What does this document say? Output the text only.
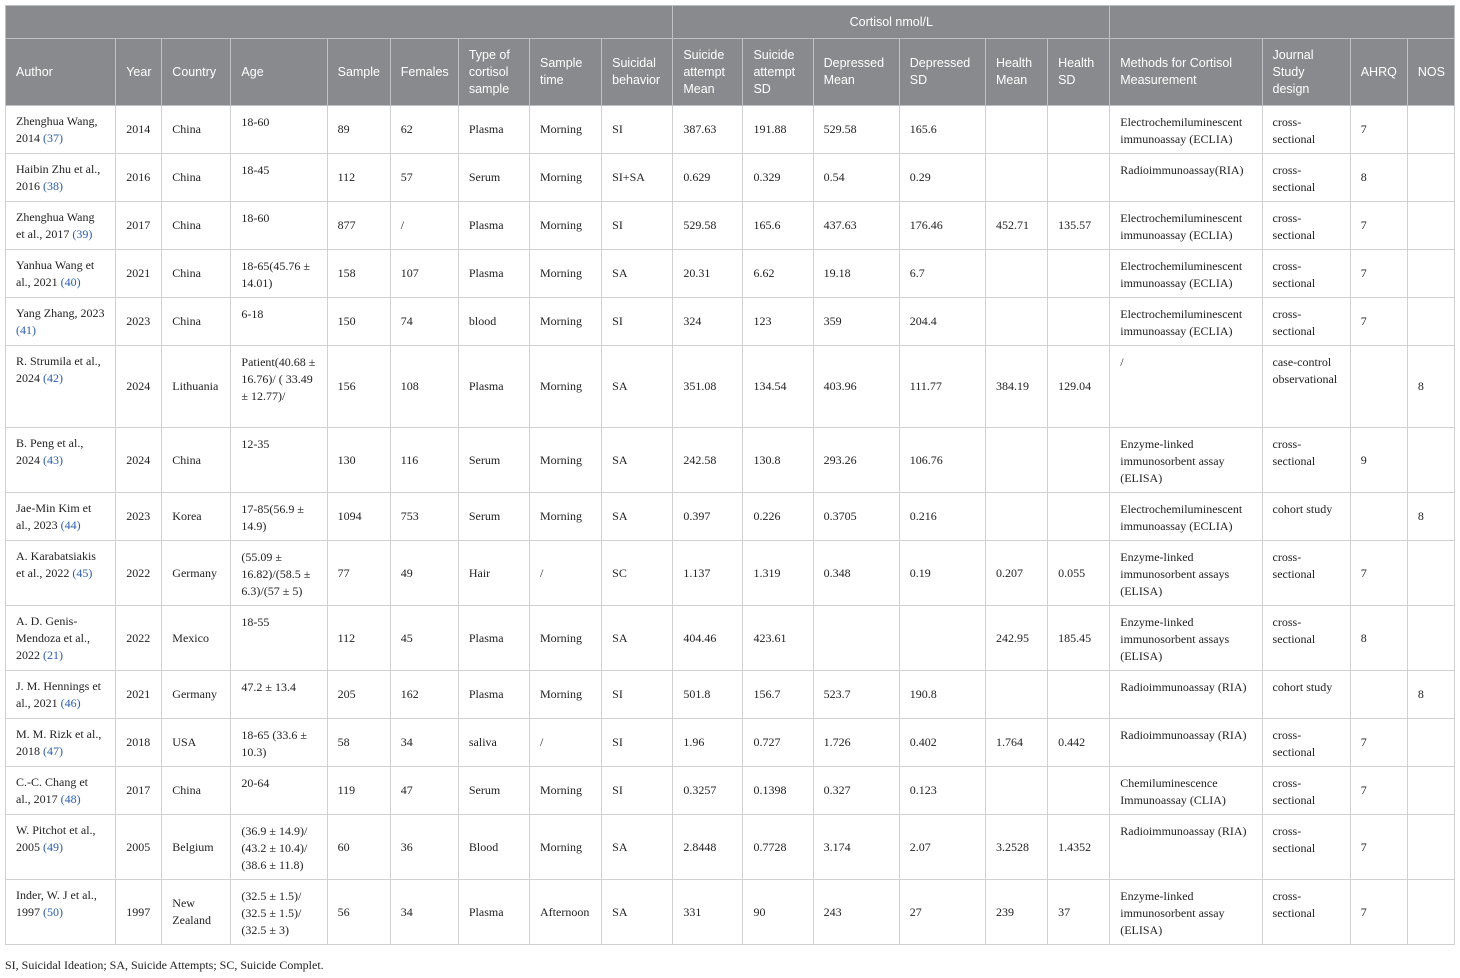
									Cortisol nmol/L									
Author	Year	Country	Age	Sample	Females	Type of cortisol sample	Sample time	Suicidal behavior	Suicide attempt Mean	Suicide attempt SD	Depressed Mean	Depressed SD	Health Mean	Health SD	Methods for Cortisol Measurement	Journal Study design	AHRQ	NOS
Zhenghua Wang, 2014 (37)	2014	China	18-60	89	62	Plasma	Morning	SI	387.63	191.88	529.58	165.6			Electrochemiluminescent immunoassay (ECLIA)	cross-sectional	7	
Haibin Zhu et al., 2016 (38)	2016	China	18-45	112	57	Serum	Morning	SI+SA	0.629	0.329	0.54	0.29			Radioimmunoassay(RIA)	cross-sectional	8	
Zhenghua Wang et al., 2017 (39)	2017	China	18-60	877	/	Plasma	Morning	SI	529.58	165.6	437.63	176.46	452.71	135.57	Electrochemiluminescent immunoassay (ECLIA)	cross-sectional	7	
Yanhua Wang et al., 2021 (40)	2021	China	18-65(45.76 ± 14.01)	158	107	Plasma	Morning	SA	20.31	6.62	19.18	6.7			Electrochemiluminescent immunoassay (ECLIA)	cross-sectional	7	
Yang Zhang, 2023 (41)	2023	China	6-18	150	74	blood	Morning	SI	324	123	359	204.4			Electrochemiluminescent immunoassay (ECLIA)	cross-sectional	7	
R. Strumila et al., 2024 (42)	2024	Lithuania	Patient(40.68 ± 16.76)/ ( 33.49 ± 12.77)/	156	108	Plasma	Morning	SA	351.08	134.54	403.96	111.77	384.19	129.04	/	case-control observational		8
B. Peng et al., 2024 (43)	2024	China	12-35	130	116	Serum	Morning	SA	242.58	130.8	293.26	106.76			Enzyme-linked immunosorbent assay (ELISA)	cross-sectional	9	
Jae-Min Kim et al., 2023 (44)	2023	Korea	17-85(56.9 ± 14.9)	1094	753	Serum	Morning	SA	0.397	0.226	0.3705	0.216			Electrochemiluminescent immunoassay (ECLIA)	cohort study		8
A. Karabatsiakis et al., 2022 (45)	2022	Germany	(55.09 ± 16.82)/(58.5 ± 6.3)/(57 ± 5)	77	49	Hair	/	SC	1.137	1.319	0.348	0.19	0.207	0.055	Enzyme-linked immunosorbent assays (ELISA)	cross-sectional	7	
A. D. Genis-Mendoza et al., 2022 (21)	2022	Mexico	18-55	112	45	Plasma	Morning	SA	404.46	423.61			242.95	185.45	Enzyme-linked immunosorbent assays (ELISA)	cross-sectional	8	
J. M. Hennings et al., 2021 (46)	2021	Germany	47.2 ± 13.4	205	162	Plasma	Morning	SI	501.8	156.7	523.7	190.8			Radioimmunoassay (RIA)	cohort study		8
M. M. Rizk et al., 2018 (47)	2018	USA	18-65 (33.6 ± 10.3)	58	34	saliva	/	SI	1.96	0.727	1.726	0.402	1.764	0.442	Radioimmunoassay (RIA)	cross-sectional	7	
C.-C. Chang et al., 2017 (48)	2017	China	20-64	119	47	Serum	Morning	SI	0.3257	0.1398	0.327	0.123			Chemiluminescence Immunoassay (CLIA)	cross-sectional	7	
W. Pitchot et al., 2005 (49)	2005	Belgium	(36.9 ± 14.9)/ (43.2 ± 10.4)/ (38.6 ± 11.8)	60	36	Blood	Morning	SA	2.8448	0.7728	3.174	2.07	3.2528	1.4352	Radioimmunoassay (RIA)	cross-sectional	7	
Inder, W. J et al., 1997 (50)	1997	New Zealand	(32.5 ± 1.5)/ (32.5 ± 1.5)/ (32.5 ± 3)	56	34	Plasma	Afternoon	SA	331	90	243	27	239	37	Enzyme-linked immunosorbent assay (ELISA)	cross-sectional	7	
SI, Suicidal Ideation; SA, Suicide Attempts; SC, Suicide Complet.
